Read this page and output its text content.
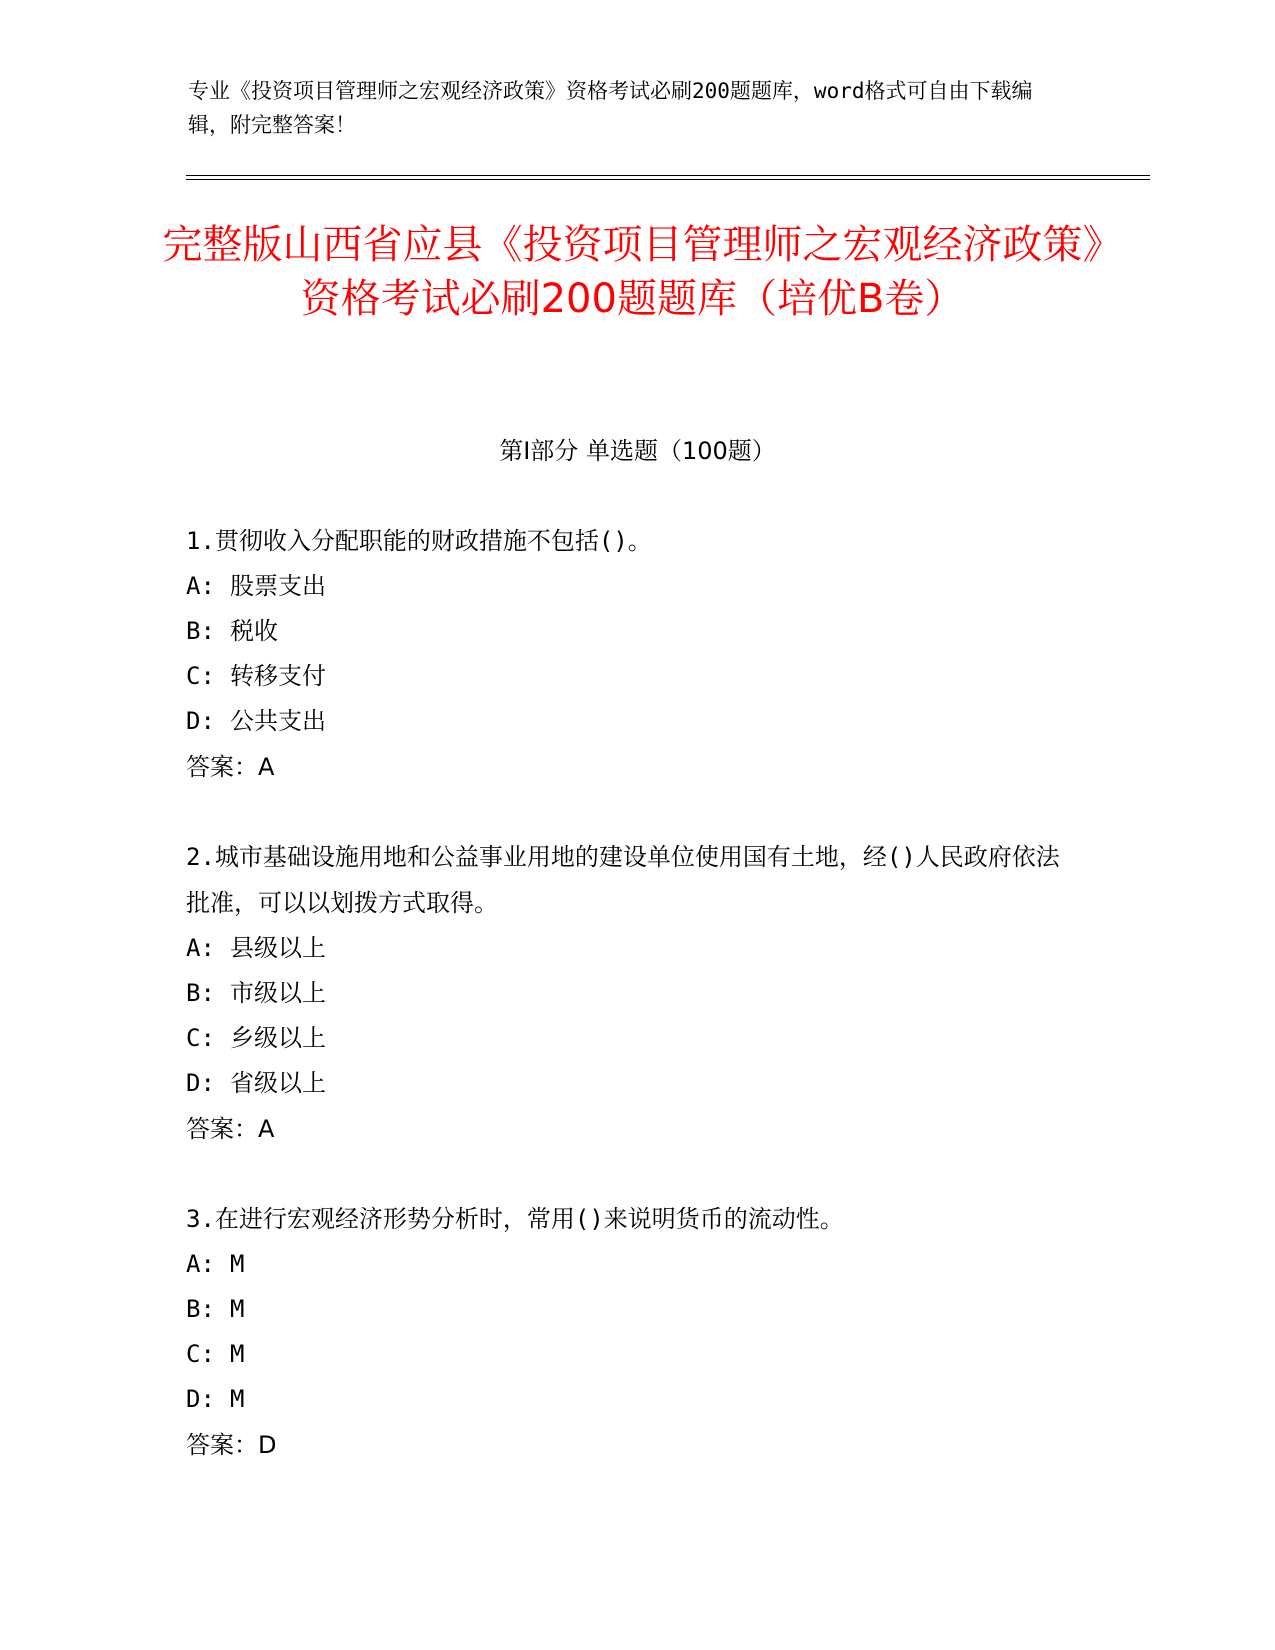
专业《投资项目管理师之宏观经济政策》资格考试必刷200题题库，word格式可自由下载编辑，附完整答案！
完整版山西省应县《投资项目管理师之宏观经济政策》资格考试必刷200题题库（培优B卷）
第I部分 单选题（100题）
1.贯彻收入分配职能的财政措施不包括()。
A: 股票支出
B: 税收
C: 转移支付
D: 公共支出
答案：A
2.城市基础设施用地和公益事业用地的建设单位使用国有土地，经()人民政府依法批准，可以以划拨方式取得。
A: 县级以上
B: 市级以上
C: 乡级以上
D: 省级以上
答案：A
3.在进行宏观经济形势分析时，常用()来说明货币的流动性。
A: M
B: M
C: M
D: M
答案：D
